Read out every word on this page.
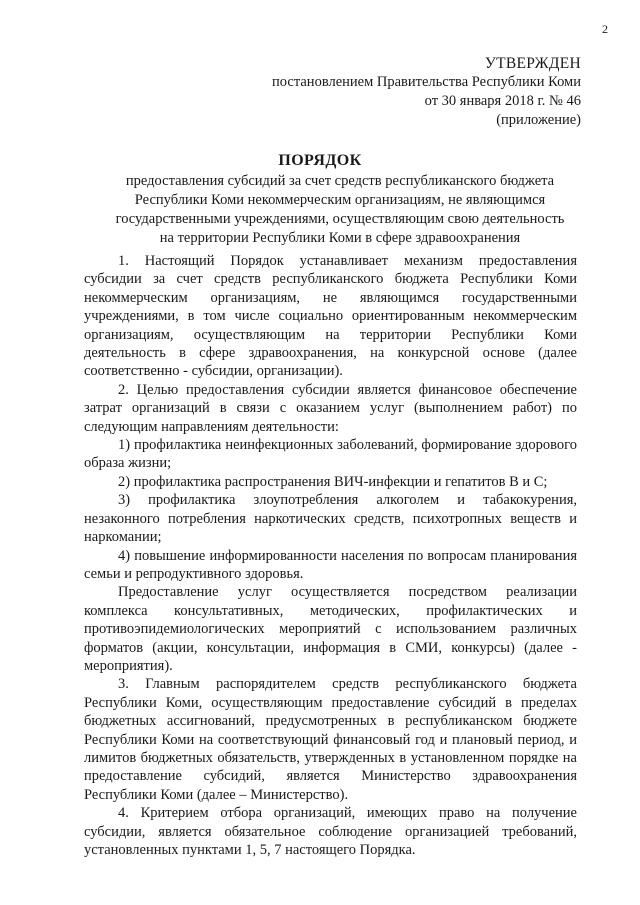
2
УТВЕРЖДЕН
постановлением Правительства Республики Коми
от 30 января 2018 г. № 46
(приложение)
ПОРЯДОК
предоставления субсидий за счет средств республиканского бюджета
Республики Коми некоммерческим организациям, не являющимся
государственными учреждениями, осуществляющим свою деятельность
на территории Республики Коми в сфере здравоохранения

1. Настоящий Порядок устанавливает механизм предоставления субсидии за счет средств республиканского бюджета Республики Коми некоммерческим организациям, не являющимся государственными учреждениями, в том числе социально ориентированным некоммерческим организациям, осуществляющим на территории Республики Коми деятельность в сфере здравоохранения, на конкурсной основе (далее соответственно - субсидии, организации).

2. Целью предоставления субсидии является финансовое обеспечение затрат организаций в связи с оказанием услуг (выполнением работ) по следующим направлениям деятельности:

1) профилактика неинфекционных заболеваний, формирование здорового образа жизни;

2) профилактика распространения ВИЧ-инфекции и гепатитов В и С;

3) профилактика злоупотребления алкоголем и табакокурения, незаконного потребления наркотических средств, психотропных веществ и наркомании;

4) повышение информированности населения по вопросам планирования семьи и репродуктивного здоровья.

Предоставление услуг осуществляется посредством реализации комплекса консультативных, методических, профилактических и противоэпидемиологических мероприятий с использованием различных форматов (акции, консультации, информация в СМИ, конкурсы) (далее - мероприятия).

3. Главным распорядителем средств республиканского бюджета Республики Коми, осуществляющим предоставление субсидий в пределах бюджетных ассигнований, предусмотренных в республиканском бюджете Республики Коми на соответствующий финансовый год и плановый период, и лимитов бюджетных обязательств, утвержденных в установленном порядке на предоставление субсидий, является Министерство здравоохранения Республики Коми (далее – Министерство).

4. Критерием отбора организаций, имеющих право на получение субсидии, является обязательное соблюдение организацией требований, установленных пунктами 1, 5, 7 настоящего Порядка.
